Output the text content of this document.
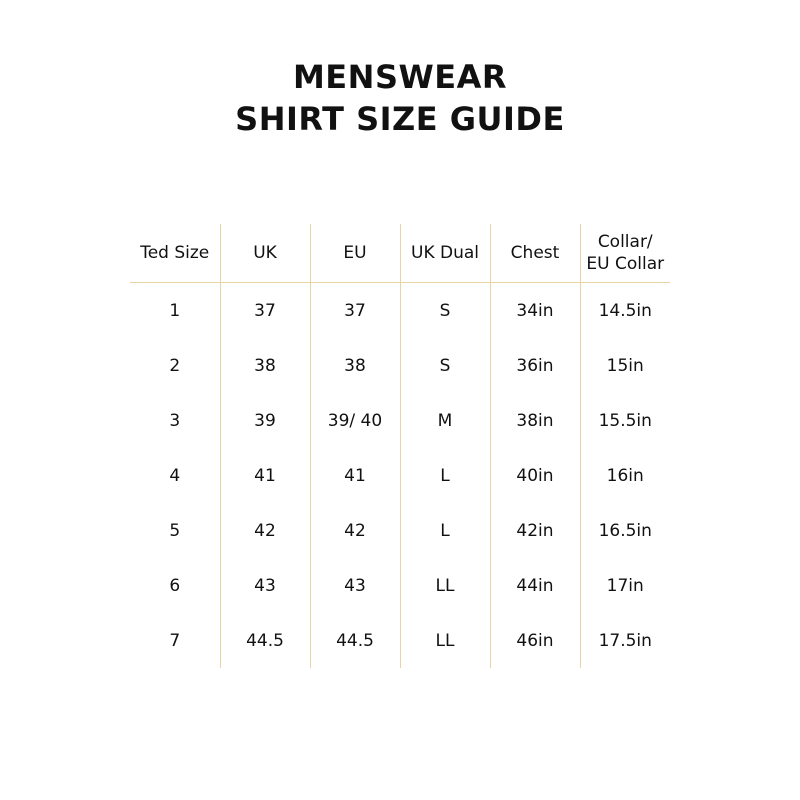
MENSWEAR
SHIRT SIZE GUIDE
Ted Size	UK	EU	UK Dual	Chest	Collar/
EU Collar

1	37	37	S	34in	14.5in
2	38	38	S	36in	15in
3	39	39/ 40	M	38in	15.5in
4	41	41	L	40in	16in
5	42	42	L	42in	16.5in
6	43	43	LL	44in	17in
7	44.5	44.5	LL	46in	17.5in
